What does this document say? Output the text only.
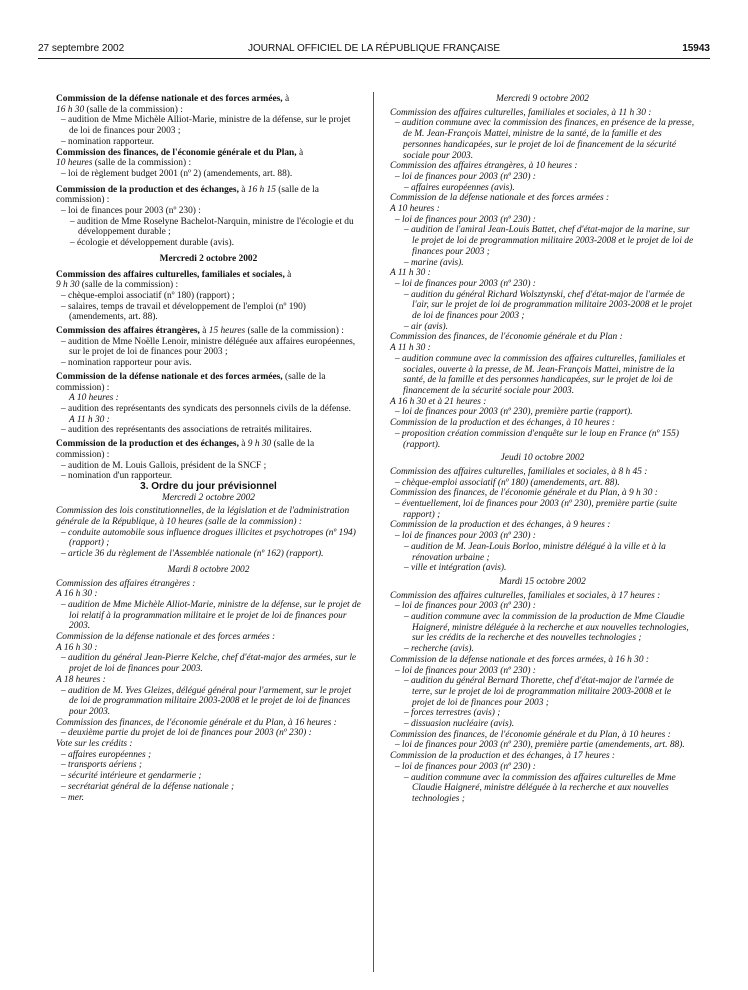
27 septembre 2002	JOURNAL OFFICIEL DE LA RÉPUBLIQUE FRANÇAISE	15943

Commission de la défense nationale et des forces armées, à
16 h 30 (salle de la commission) :

– audition de Mme Michèle Alliot-Marie, ministre de la défense, sur le projet de loi de finances pour 2003 ;

– nomination rapporteur.

Commission des finances, de l'économie générale et du Plan, à
10 heures (salle de la commission) :

– loi de règlement budget 2001 (nº 2) (amendements, art. 88).

Commission de la production et des échanges, à 16 h 15 (salle de la commission) :

– loi de finances pour 2003 (nº 230) :

– audition de Mme Roselyne Bachelot-Narquin, ministre de l'écologie et du développement durable ;

– écologie et développement durable (avis).

Mercredi 2 octobre 2002

Commission des affaires culturelles, familiales et sociales, à
9 h 30 (salle de la commission) :

– chèque-emploi associatif (nº 180) (rapport) ;

– salaires, temps de travail et développement de l'emploi (nº 190) (amendements, art. 88).

Commission des affaires étrangères, à 15 heures (salle de la commission) :

– audition de Mme Noëlle Lenoir, ministre déléguée aux affaires européennes, sur le projet de loi de finances pour 2003 ;

– nomination rapporteur pour avis.

Commission de la défense nationale et des forces armées, (salle de la commission) :

A 10 heures :

– audition des représentants des syndicats des personnels civils de la défense.

A 11 h 30 :

– audition des représentants des associations de retraités militaires.

Commission de la production et des échanges, à 9 h 30 (salle de la commission) :

– audition de M. Louis Gallois, président de la SNCF ;

– nomination d'un rapporteur.

3. Ordre du jour prévisionnel

Mercredi 2 octobre 2002

Commission des lois constitutionnelles, de la législation et de l'administration générale de la République, à 10 heures (salle de la commission) :

– conduite automobile sous influence drogues illicites et psychotropes (nº 194) (rapport) ;

– article 36 du règlement de l'Assemblée nationale (nº 162) (rapport).

Mardi 8 octobre 2002

Commission des affaires étrangères :

A 16 h 30 :

– audition de Mme Michèle Alliot-Marie, ministre de la défense, sur le projet de loi relatif à la programmation militaire et le projet de loi de finances pour 2003.

Commission de la défense nationale et des forces armées :

A 16 h 30 :

– audition du général Jean-Pierre Kelche, chef d'état-major des armées, sur le projet de loi de finances pour 2003.

A 18 heures :

– audition de M. Yves Gleizes, délégué général pour l'armement, sur le projet de loi de programmation militaire 2003-2008 et le projet de loi de finances pour 2003.

Commission des finances, de l'économie générale et du Plan, à 16 heures :

– deuxième partie du projet de loi de finances pour 2003 (nº 230) :

Vote sur les crédits :

– affaires européennes ;

– transports aériens ;

– sécurité intérieure et gendarmerie ;

– secrétariat général de la défense nationale ;

– mer.

Mercredi 9 octobre 2002

Commission des affaires culturelles, familiales et sociales, à 11 h 30 :

– audition commune avec la commission des finances, en présence de la presse, de M. Jean-François Mattei, ministre de la santé, de la famille et des personnes handicapées, sur le projet de loi de financement de la sécurité sociale pour 2003.

Commission des affaires étrangères, à 10 heures :

– loi de finances pour 2003 (nº 230) :

– affaires européennes (avis).

Commission de la défense nationale et des forces armées :

A 10 heures :

– loi de finances pour 2003 (nº 230) :

– audition de l'amiral Jean-Louis Battet, chef d'état-major de la marine, sur le projet de loi de programmation militaire 2003-2008 et le projet de loi de finances pour 2003 ;

– marine (avis).

A 11 h 30 :

– loi de finances pour 2003 (nº 230) :

– audition du général Richard Wolsztynski, chef d'état-major de l'armée de l'air, sur le projet de loi de programmation militaire 2003-2008 et le projet de loi de finances pour 2003 ;

– air (avis).

Commission des finances, de l'économie générale et du Plan :

A 11 h 30 :

– audition commune avec la commission des affaires culturelles, familiales et sociales, ouverte à la presse, de M. Jean-François Mattei, ministre de la santé, de la famille et des personnes handicapées, sur le projet de loi de financement de la sécurité sociale pour 2003.

A 16 h 30 et à 21 heures :

– loi de finances pour 2003 (nº 230), première partie (rapport).

Commission de la production et des échanges, à 10 heures :

– proposition création commission d'enquête sur le loup en France (nº 155) (rapport).

Jeudi 10 octobre 2002

Commission des affaires culturelles, familiales et sociales, à 8 h 45 :

– chèque-emploi associatif (nº 180) (amendements, art. 88).

Commission des finances, de l'économie générale et du Plan, à 9 h 30 :

– éventuellement, loi de finances pour 2003 (nº 230), première partie (suite rapport) ;

Commission de la production et des échanges, à 9 heures :

– loi de finances pour 2003 (nº 230) :

– audition de M. Jean-Louis Borloo, ministre délégué à la ville et à la rénovation urbaine ;

– ville et intégration (avis).

Mardi 15 octobre 2002

Commission des affaires culturelles, familiales et sociales, à 17 heures :

– loi de finances pour 2003 (nº 230) :

– audition commune avec la commission de la production de Mme Claudie Haigneré, ministre déléguée à la recherche et aux nouvelles technologies, sur les crédits de la recherche et des nouvelles technologies ;

– recherche (avis).

Commission de la défense nationale et des forces armées, à 16 h 30 :

– loi de finances pour 2003 (nº 230) :

– audition du général Bernard Thorette, chef d'état-major de l'armée de terre, sur le projet de loi de programmation militaire 2003-2008 et le projet de loi de finances pour 2003 ;

– forces terrestres (avis) ;

– dissuasion nucléaire (avis).

Commission des finances, de l'économie générale et du Plan, à 10 heures :

– loi de finances pour 2003 (nº 230), première partie (amendements, art. 88).

Commission de la production et des échanges, à 17 heures :

– loi de finances pour 2003 (nº 230) :

– audition commune avec la commission des affaires culturelles de Mme Claudie Haigneré, ministre déléguée à la recherche et aux nouvelles technologies ;
